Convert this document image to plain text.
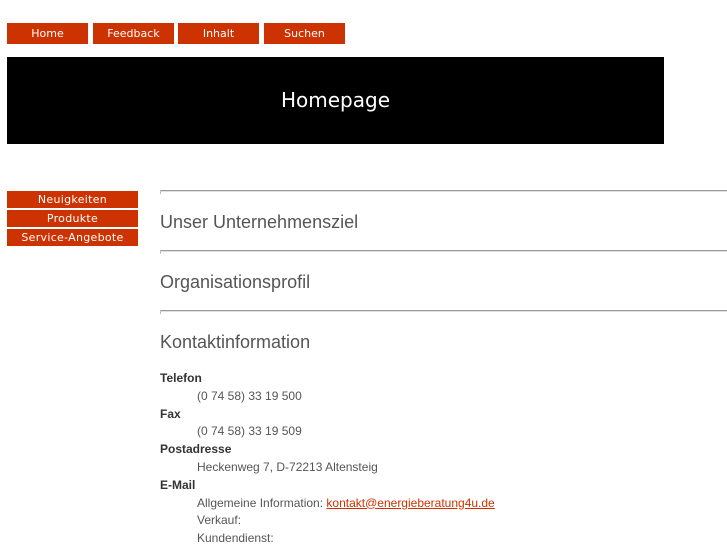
Home	Feedback	Inhalt	Suchen
Homepage
Neuigkeiten
Produkte
Service-Angebote
Unser Unternehmensziel
Organisationsprofil
Kontaktinformation
Telefon
(0 74 58) 33 19 500
Fax
(0 74 58) 33 19 509
Postadresse
Heckenweg 7, D-72213 Altensteig
E-Mail
Allgemeine Information: kontakt@energieberatung4u.de
Verkauf:
Kundendienst:
